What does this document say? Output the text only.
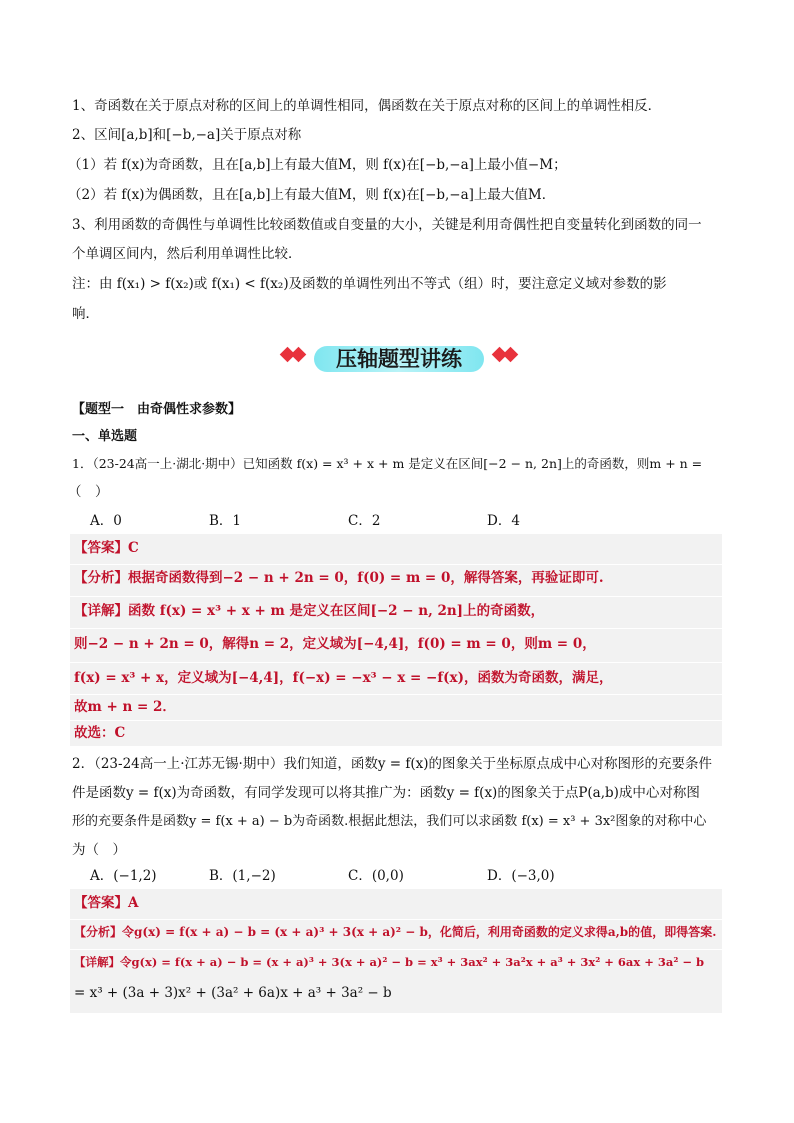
1、奇函数在关于原点对称的区间上的单调性相同，偶函数在关于原点对称的区间上的单调性相反．
2、区间[a,b]和[−b,−a]关于原点对称
（1）若 f(x)为奇函数，且在[a,b]上有最大值M，则 f(x)在[−b,−a]上最小值−M；
（2）若 f(x)为偶函数，且在[a,b]上有最大值M，则 f(x)在[−b,−a]上最大值M．
3、利用函数的奇偶性与单调性比较函数值或自变量的大小，关键是利用奇偶性把自变量转化到函数的同一
个单调区间内，然后利用单调性比较．
注：由 f(x₁) > f(x₂)或 f(x₁) < f(x₂)及函数的单调性列出不等式（组）时，要注意定义域对参数的影
响．
压轴题型讲练
【题型一　由奇偶性求参数】
一、单选题
1．（23-24高一上·湖北·期中）已知函数 f(x) = x³ + x + m 是定义在区间[−2 − n, 2n]上的奇函数，则m + n =
（　）
A．0	B．1	C．2	D．4
【答案】C
【分析】根据奇函数得到−2 − n + 2n = 0，f(0) = m = 0，解得答案，再验证即可.
【详解】函数 f(x) = x³ + x + m 是定义在区间[−2 − n, 2n]上的奇函数，
则−2 − n + 2n = 0，解得n = 2，定义域为[−4,4]，f(0) = m = 0，则m = 0，
f(x) = x³ + x，定义域为[−4,4]，f(−x) = −x³ − x = −f(x)，函数为奇函数，满足，
故m + n = 2．
故选：C
2．（23-24高一上·江苏无锡·期中）我们知道，函数y = f(x)的图象关于坐标原点成中心对称图形的充要条件
件是函数y = f(x)为奇函数，有同学发现可以将其推广为：函数y = f(x)的图象关于点P(a,b)成中心对称图
形的充要条件是函数y = f(x + a) − b为奇函数.根据此想法，我们可以求函数 f(x) = x³ + 3x²图象的对称中心
为（　）
A．(−1,2)	B．(1,−2)	C．(0,0)	D．(−3,0)
【答案】A
【分析】令g(x) = f(x + a) − b = (x + a)³ + 3(x + a)² − b，化简后，利用奇函数的定义求得a,b的值，即得答案.
【详解】令g(x) = f(x + a) − b = (x + a)³ + 3(x + a)² − b = x³ + 3ax² + 3a²x + a³ + 3x² + 6ax + 3a² − b
= x³ + (3a + 3)x² + (3a² + 6a)x + a³ + 3a² − b
